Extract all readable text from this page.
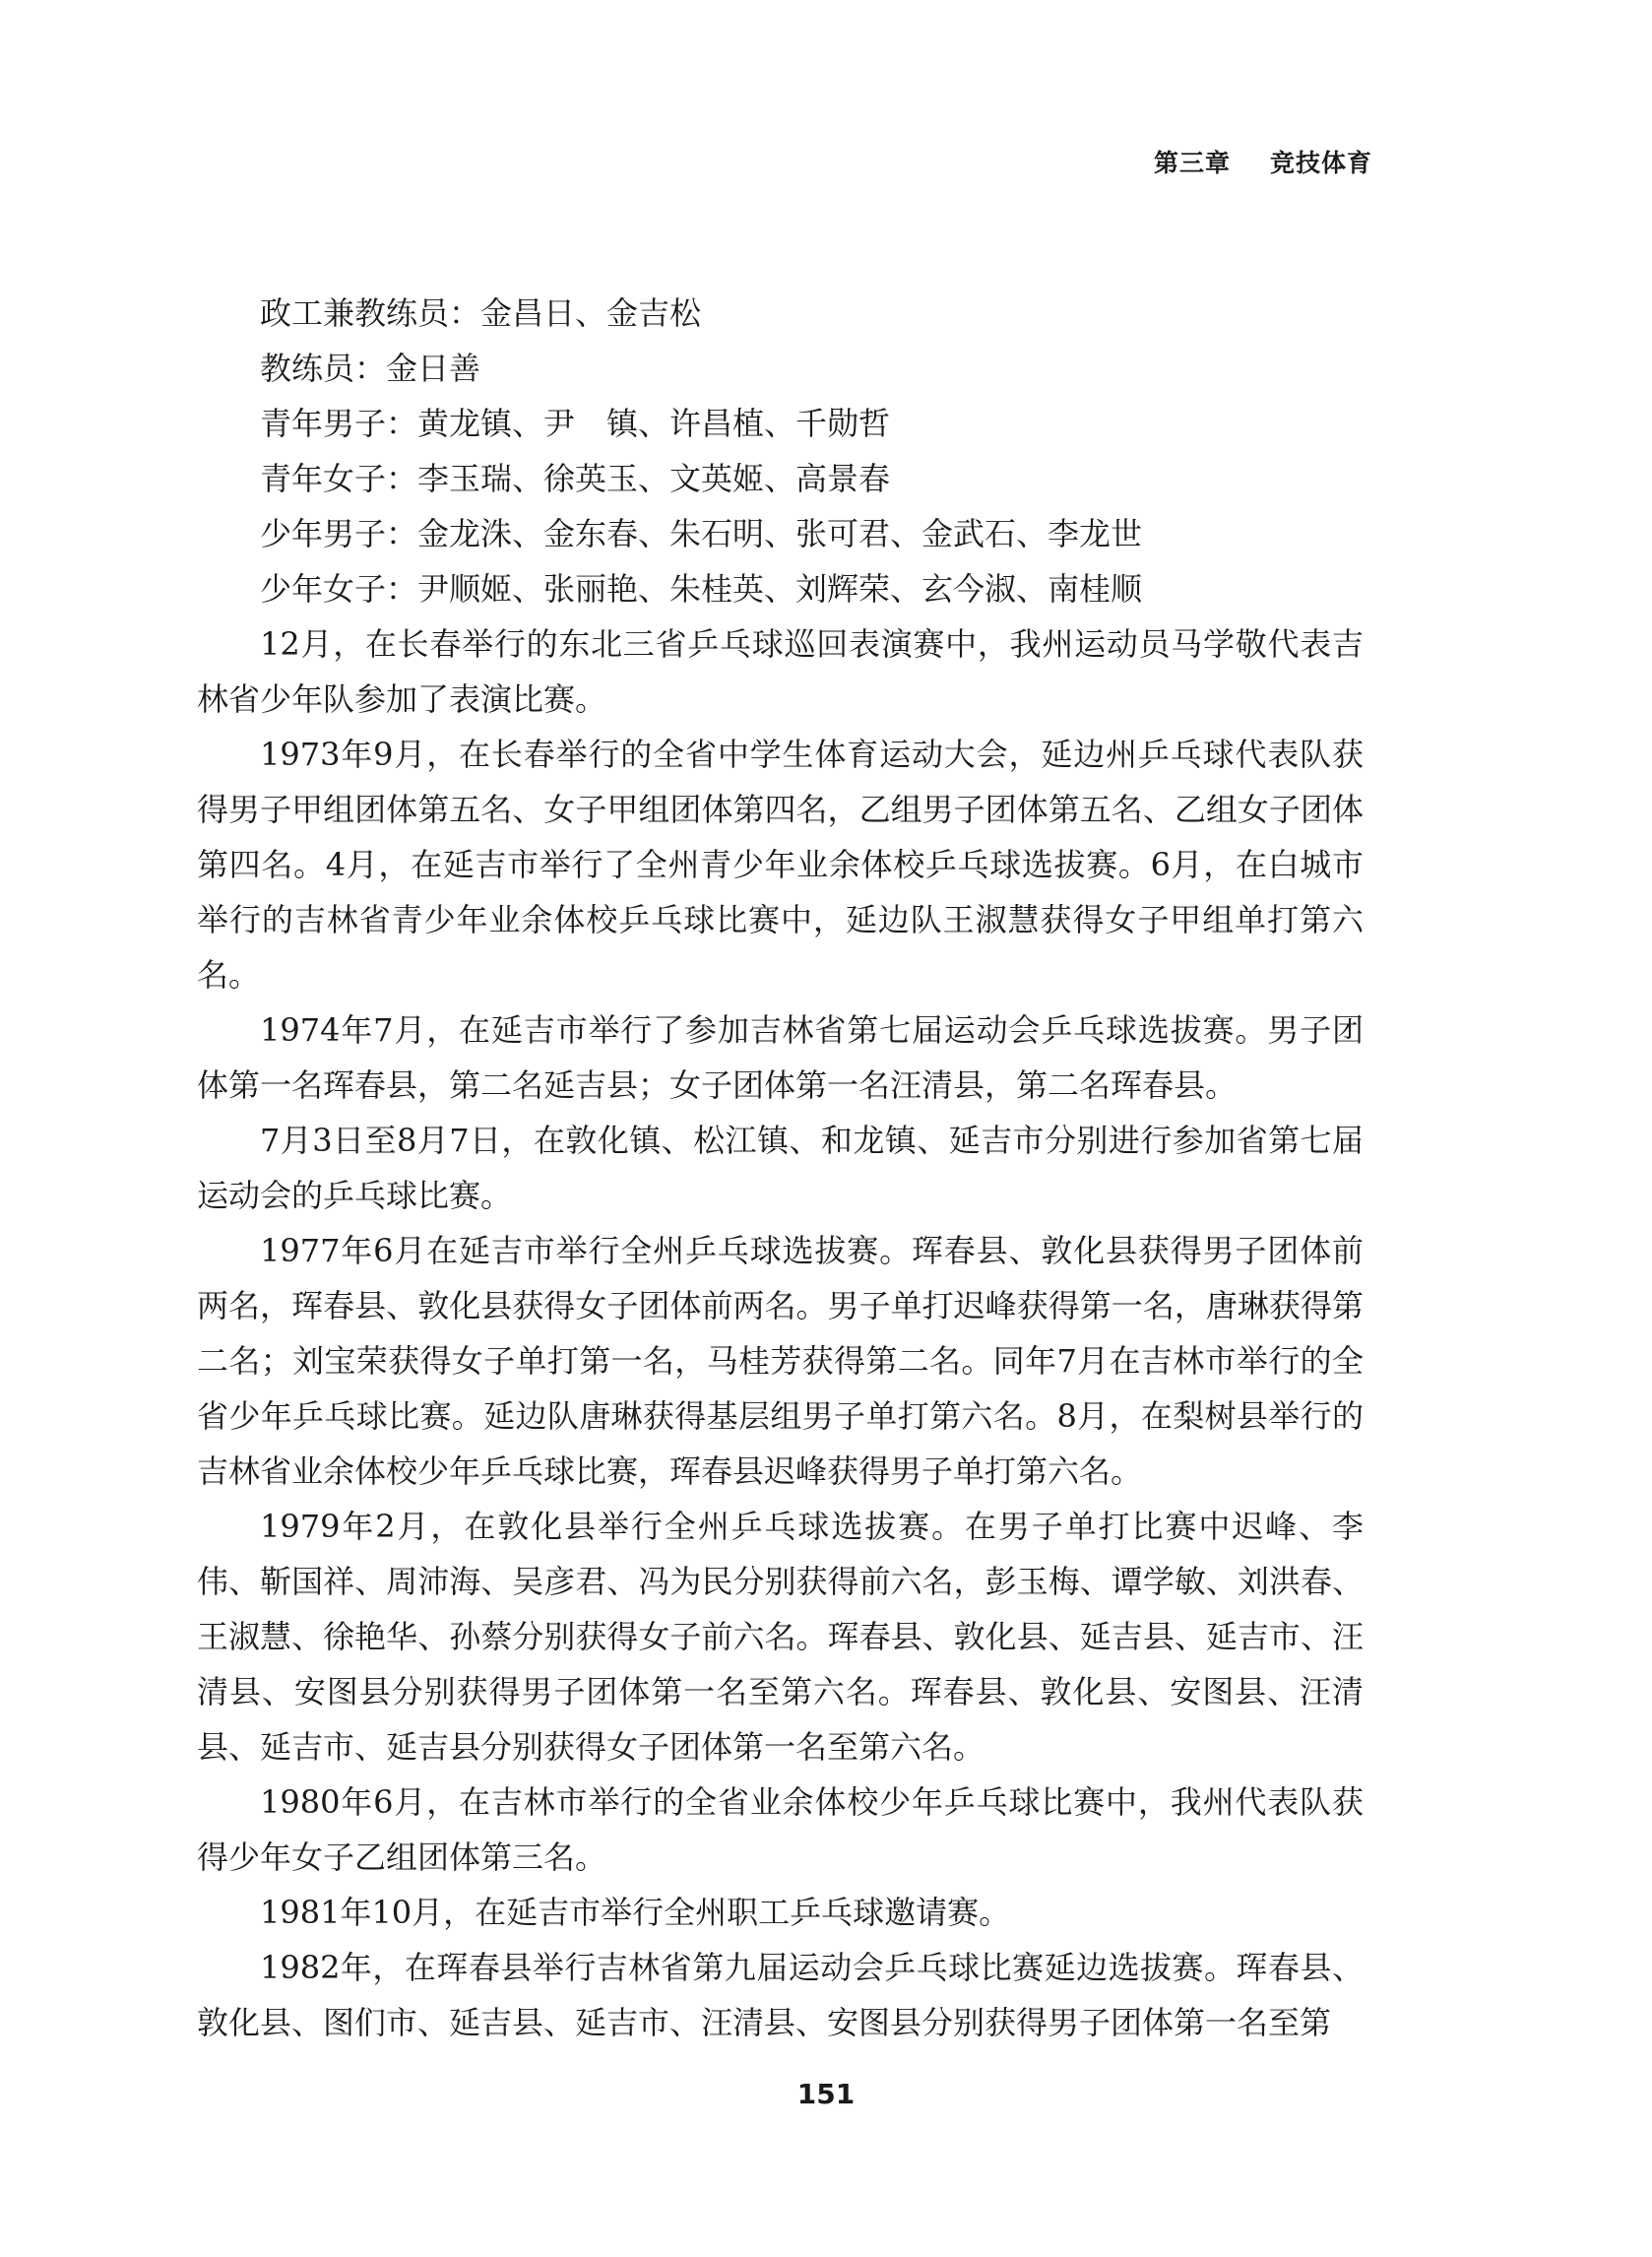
第三章 竞技体育

政工兼教练员：金昌日、金吉松

教练员：金日善

青年男子：黄龙镇、尹　镇、许昌植、千勋哲

青年女子：李玉瑞、徐英玉、文英姬、高景春

少年男子：金龙洙、金东春、朱石明、张可君、金武石、李龙世

少年女子：尹顺姬、张丽艳、朱桂英、刘辉荣、玄今淑、南桂顺

12月，在长春举行的东北三省乒乓球巡回表演赛中，我州运动员马学敬代表吉林省少年队参加了表演比赛。

1973年9月，在长春举行的全省中学生体育运动大会，延边州乒乓球代表队获得男子甲组团体第五名、女子甲组团体第四名，乙组男子团体第五名、乙组女子团体第四名。4月，在延吉市举行了全州青少年业余体校乒乓球选拔赛。6月，在白城市举行的吉林省青少年业余体校乒乓球比赛中，延边队王淑慧获得女子甲组单打第六名。

1974年7月，在延吉市举行了参加吉林省第七届运动会乒乓球选拔赛。男子团体第一名珲春县，第二名延吉县；女子团体第一名汪清县，第二名珲春县。

7月3日至8月7日，在敦化镇、松江镇、和龙镇、延吉市分别进行参加省第七届运动会的乒乓球比赛。

1977年6月在延吉市举行全州乒乓球选拔赛。珲春县、敦化县获得男子团体前两名，珲春县、敦化县获得女子团体前两名。男子单打迟峰获得第一名，唐琳获得第二名；刘宝荣获得女子单打第一名，马桂芳获得第二名。同年7月在吉林市举行的全省少年乒乓球比赛。延边队唐琳获得基层组男子单打第六名。8月，在梨树县举行的吉林省业余体校少年乒乓球比赛，珲春县迟峰获得男子单打第六名。

1979年2月，在敦化县举行全州乒乓球选拔赛。在男子单打比赛中迟峰、李伟、靳国祥、周沛海、吴彦君、冯为民分别获得前六名，彭玉梅、谭学敏、刘洪春、王淑慧、徐艳华、孙蔡分别获得女子前六名。珲春县、敦化县、延吉县、延吉市、汪清县、安图县分别获得男子团体第一名至第六名。珲春县、敦化县、安图县、汪清县、延吉市、延吉县分别获得女子团体第一名至第六名。

1980年6月，在吉林市举行的全省业余体校少年乒乓球比赛中，我州代表队获得少年女子乙组团体第三名。

1981年10月，在延吉市举行全州职工乒乓球邀请赛。

1982年，在珲春县举行吉林省第九届运动会乒乓球比赛延边选拔赛。珲春县、敦化县、图们市、延吉县、延吉市、汪清县、安图县分别获得男子团体第一名至第

151
